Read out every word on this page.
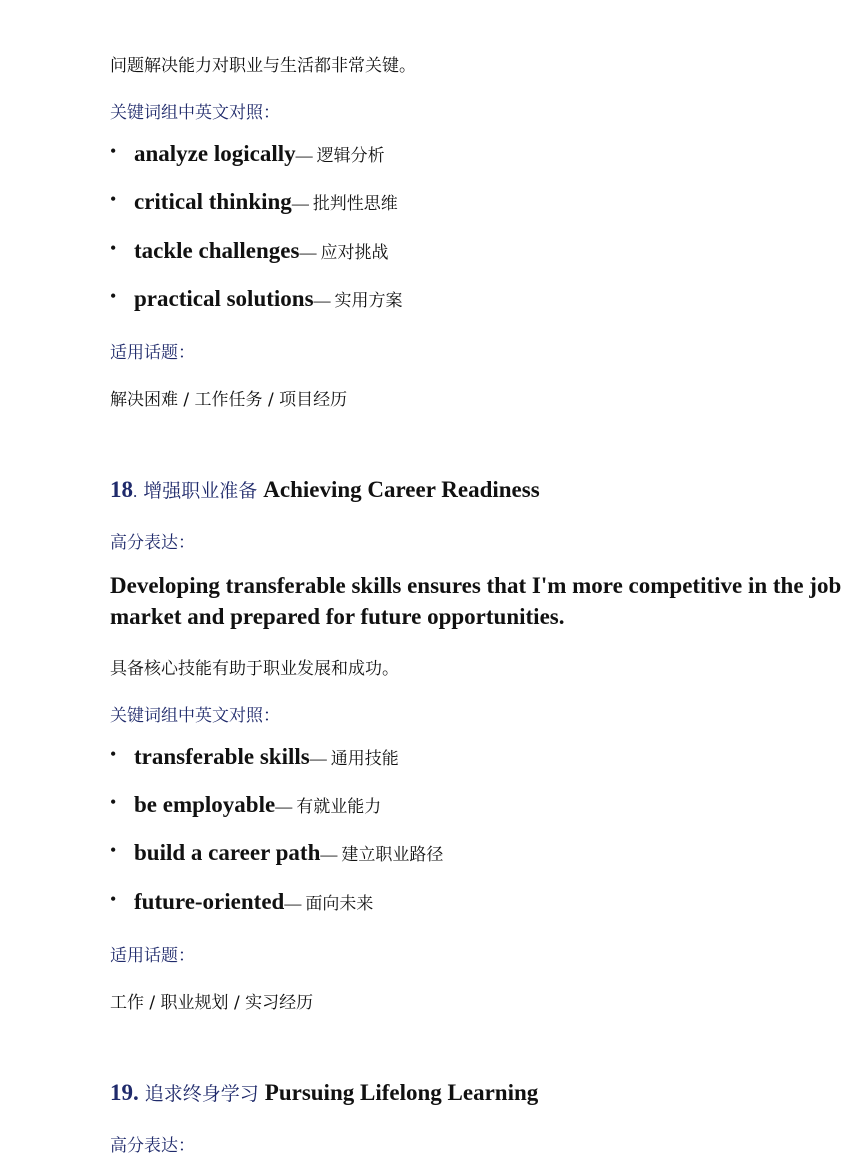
问题解决能力对职业与生活都非常关键。
关键词组中英文对照：
• analyze logically — 逻辑分析
• critical thinking — 批判性思维
• tackle challenges — 应对挑战
• practical solutions — 实用方案
适用话题：
解决困难 / 工作任务 / 项目经历
18 . 增强职业准备 Achieving Career Readiness
高分表达：
Developing transferable skills ensures that I'm more competitive in the job market and prepared for future opportunities.
具备核心技能有助于职业发展和成功。
关键词组中英文对照：
• transferable skills — 通用技能
• be employable — 有就业能力
• build a career path — 建立职业路径
• future-oriented — 面向未来
适用话题：
工作 / 职业规划 / 实习经历
19. 追求终身学习 Pursuing Lifelong Learning
高分表达：
